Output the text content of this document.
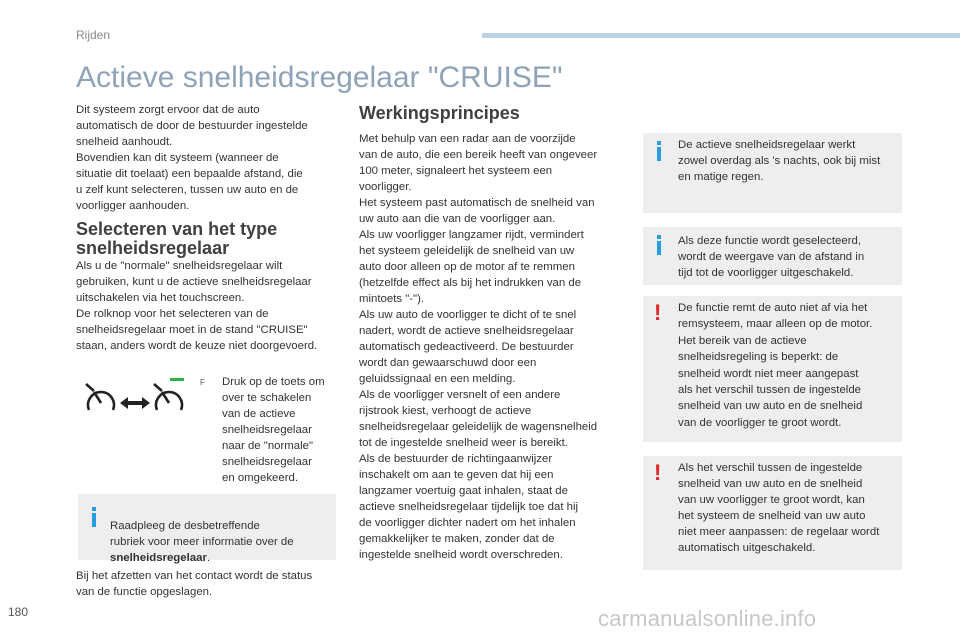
Rijden
Actieve snelheidsregelaar "CRUISE"

Dit systeem zorgt ervoor dat de auto
automatisch de door de bestuurder ingestelde
snelheid aanhoudt.
Bovendien kan dit systeem (wanneer de
situatie dit toelaat) een bepaalde afstand, die
u zelf kunt selecteren, tussen uw auto en de
voorligger aanhouden.

Selecteren van het type
snelheidsregelaar

Als u de "normale" snelheidsregelaar wilt
gebruiken, kunt u de actieve snelheidsregelaar
uitschakelen via het touchscreen.
De rolknop voor het selecteren van de
snelheidsregelaar moet in de stand "CRUISE"
staan, anders wordt de keuze niet doorgevoerd.

F Druk op de toets om
over te schakelen
van de actieve
snelheidsregelaar
naar de "normale"
snelheidsregelaar
en omgekeerd.

Raadpleeg de desbetreffende
rubriek voor meer informatie over de
snelheidsregelaar.

Bij het afzetten van het contact wordt de status
van de functie opgeslagen.

Werkingsprincipes

Met behulp van een radar aan de voorzijde
van de auto, die een bereik heeft van ongeveer
100 meter, signaleert het systeem een
voorligger.
Het systeem past automatisch de snelheid van
uw auto aan die van de voorligger aan.
Als uw voorligger langzamer rijdt, vermindert
het systeem geleidelijk de snelheid van uw
auto door alleen op de motor af te remmen
(hetzelfde effect als bij het indrukken van de
mintoets "-").
Als uw auto de voorligger te dicht of te snel
nadert, wordt de actieve snelheidsregelaar
automatisch gedeactiveerd. De bestuurder
wordt dan gewaarschuwd door een
geluidssignaal en een melding.
Als de voorligger versnelt of een andere
rijstrook kiest, verhoogt de actieve
snelheidsregelaar geleidelijk de wagensnelheid
tot de ingestelde snelheid weer is bereikt.
Als de bestuurder de richtingaanwijzer
inschakelt om aan te geven dat hij een
langzamer voertuig gaat inhalen, staat de
actieve snelheidsregelaar tijdelijk toe dat hij
de voorligger dichter nadert om het inhalen
gemakkelijker te maken, zonder dat de
ingestelde snelheid wordt overschreden.

De actieve snelheidsregelaar werkt
zowel overdag als 's nachts, ook bij mist
en matige regen.

Als deze functie wordt geselecteerd,
wordt de weergave van de afstand in
tijd tot de voorligger uitgeschakeld.

! De functie remt de auto niet af via het
remsysteem, maar alleen op de motor.
Het bereik van de actieve
snelheidsregeling is beperkt: de
snelheid wordt niet meer aangepast
als het verschil tussen de ingestelde
snelheid van uw auto en de snelheid
van de voorligger te groot wordt.

! Als het verschil tussen de ingestelde
snelheid van uw auto en de snelheid
van uw voorligger te groot wordt, kan
het systeem de snelheid van uw auto
niet meer aanpassen: de regelaar wordt
automatisch uitgeschakeld.

180	carmanualsonline.info
